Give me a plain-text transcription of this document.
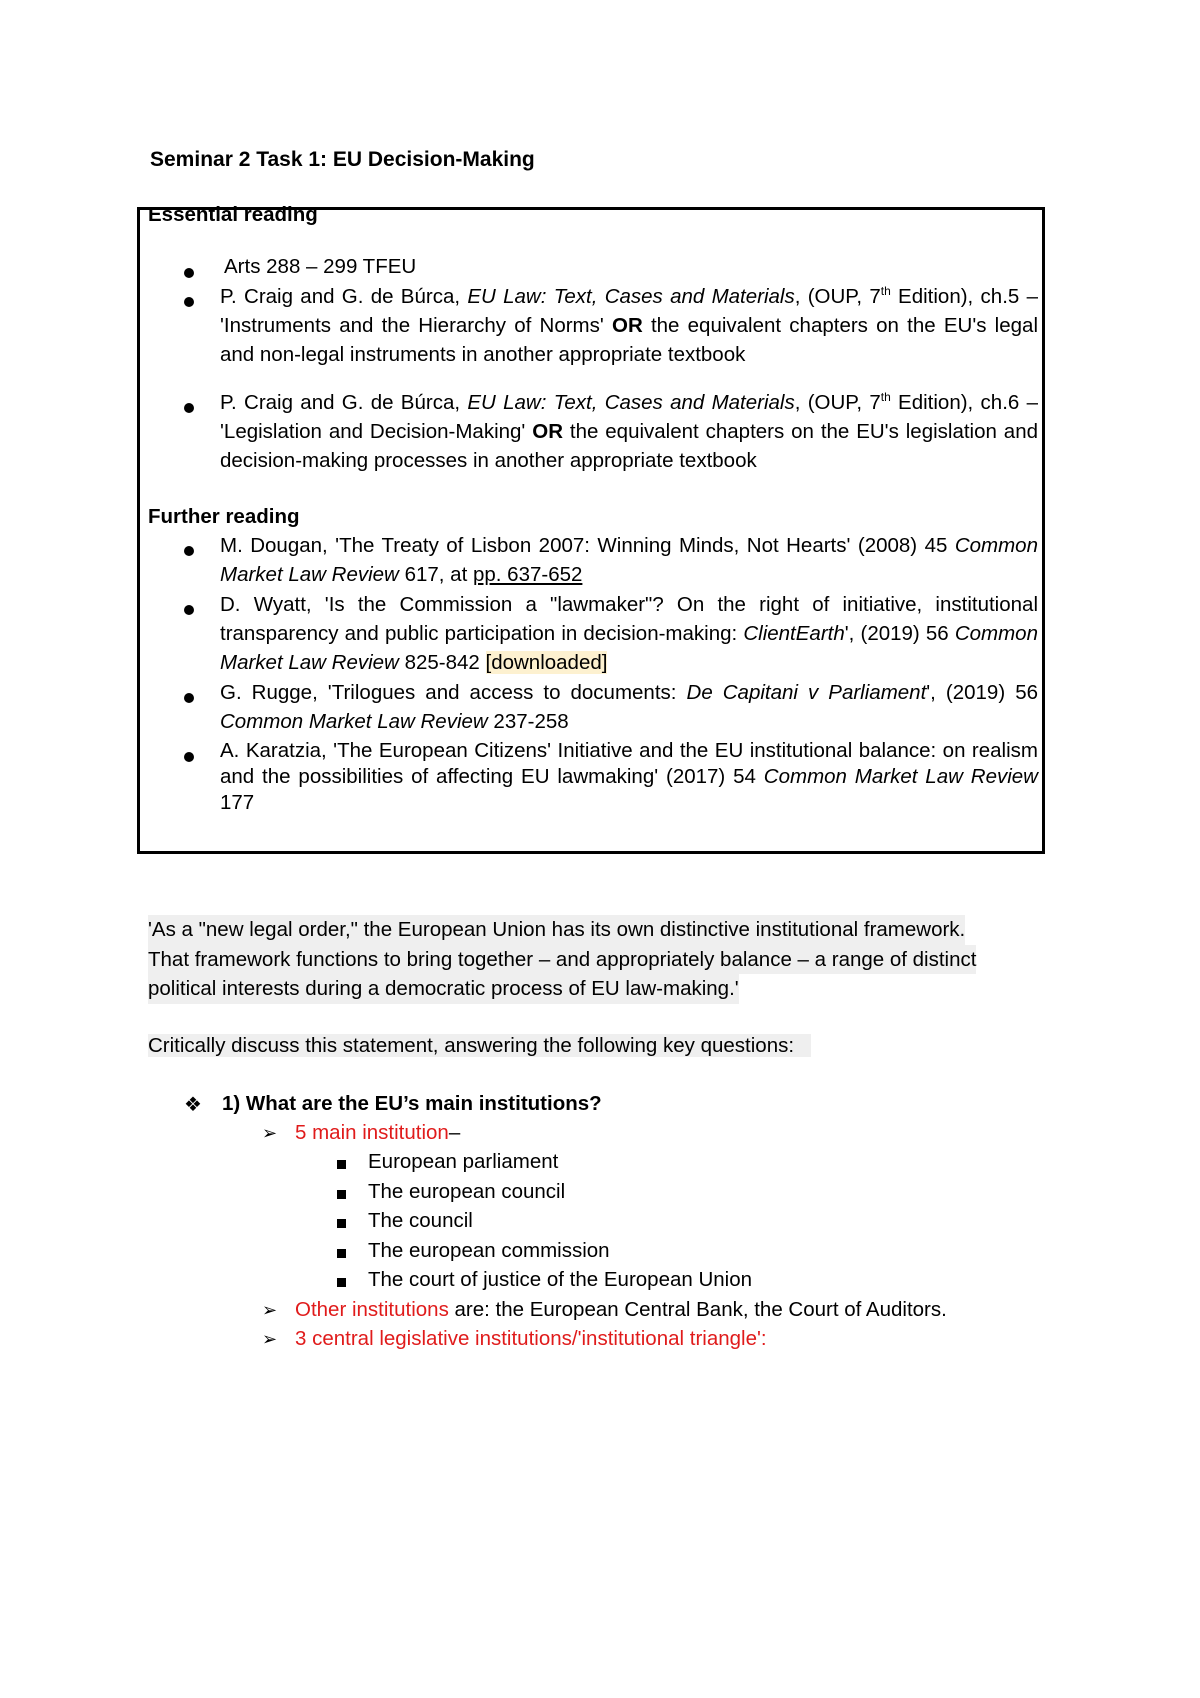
Seminar 2 Task 1: EU Decision-Making
Essential reading
Arts 288 – 299 TFEU
P. Craig and G. de Búrca, EU Law: Text, Cases and Materials, (OUP, 7th Edition), ch.5 – 'Instruments and the Hierarchy of Norms' OR the equivalent chapters on the EU's legal and non-legal instruments in another appropriate textbook
P. Craig and G. de Búrca, EU Law: Text, Cases and Materials, (OUP, 7th Edition), ch.6 – 'Legislation and Decision-Making' OR the equivalent chapters on the EU's legislation and decision-making processes in another appropriate textbook
Further reading
M. Dougan, 'The Treaty of Lisbon 2007: Winning Minds, Not Hearts' (2008) 45 Common Market Law Review 617, at pp. 637-652
D. Wyatt, 'Is the Commission a "lawmaker"? On the right of initiative, institutional transparency and public participation in decision-making: ClientEarth', (2019) 56 Common Market Law Review 825-842 [downloaded]
G. Rugge, 'Trilogues and access to documents: De Capitani v Parliament', (2019) 56 Common Market Law Review 237-258
A. Karatzia, 'The European Citizens' Initiative and the EU institutional balance: on realism and the possibilities of affecting EU lawmaking' (2017) 54 Common Market Law Review 177
'As a "new legal order," the European Union has its own distinctive institutional framework.
That framework functions to bring together – and appropriately balance – a range of distinct
political interests during a democratic process of EU law-making.'
Critically discuss this statement, answering the following key questions:
❖ 1) What are the EU’s main institutions?
➢ 5 main institution–
European parliament
The european council
The council
The european commission
The court of justice of the European Union
➢ Other institutions are: the European Central Bank, the Court of Auditors.
➢ 3 central legislative institutions/'institutional triangle':
